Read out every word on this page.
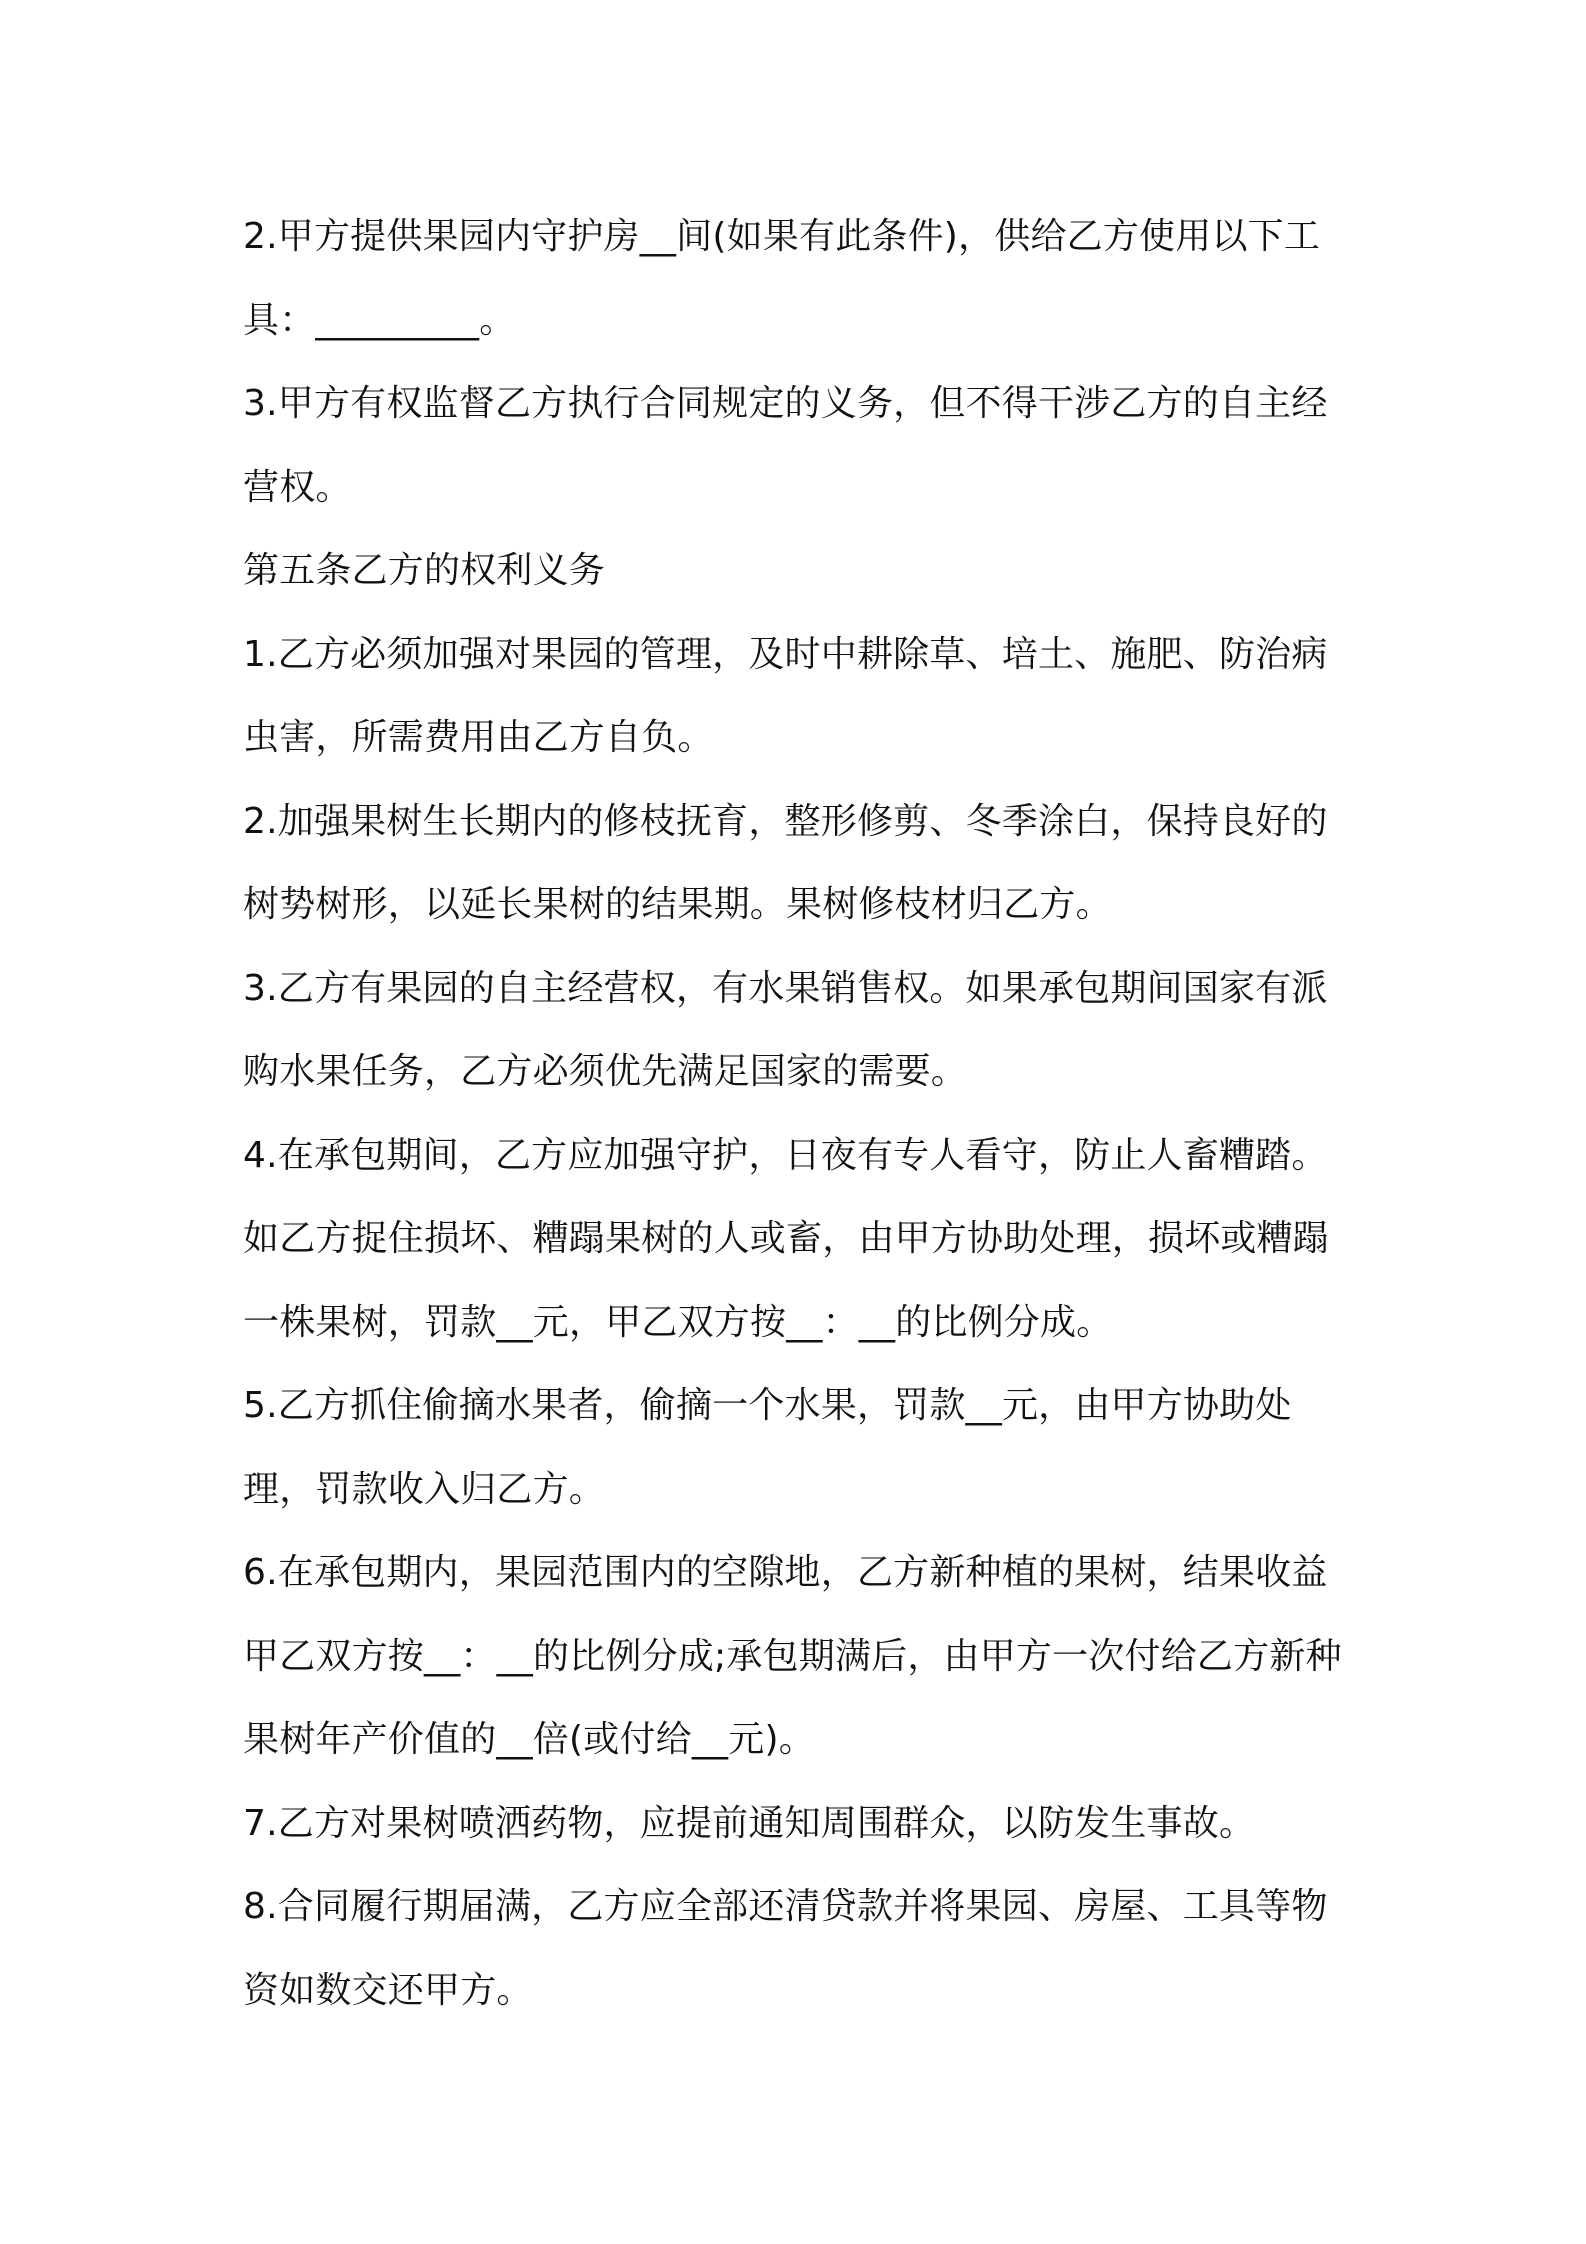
2.甲方提供果园内守护房__间(如果有此条件)，供给乙方使用以下工具：_________。

3.甲方有权监督乙方执行合同规定的义务，但不得干涉乙方的自主经营权。

第五条乙方的权利义务

1.乙方必须加强对果园的管理，及时中耕除草、培土、施肥、防治病虫害，所需费用由乙方自负。

2.加强果树生长期内的修枝抚育，整形修剪、冬季涂白，保持良好的树势树形，以延长果树的结果期。果树修枝材归乙方。

3.乙方有果园的自主经营权，有水果销售权。如果承包期间国家有派购水果任务，乙方必须优先满足国家的需要。

4.在承包期间，乙方应加强守护，日夜有专人看守，防止人畜糟踏。如乙方捉住损坏、糟蹋果树的人或畜，由甲方协助处理，损坏或糟蹋一株果树，罚款__元，甲乙双方按__：__的比例分成。

5.乙方抓住偷摘水果者，偷摘一个水果，罚款__元，由甲方协助处理，罚款收入归乙方。

6.在承包期内，果园范围内的空隙地，乙方新种植的果树，结果收益甲乙双方按__：__的比例分成;承包期满后，由甲方一次付给乙方新种果树年产价值的__倍(或付给__元)。

7.乙方对果树喷洒药物，应提前通知周围群众，以防发生事故。

8.合同履行期届满，乙方应全部还清贷款并将果园、房屋、工具等物资如数交还甲方。
